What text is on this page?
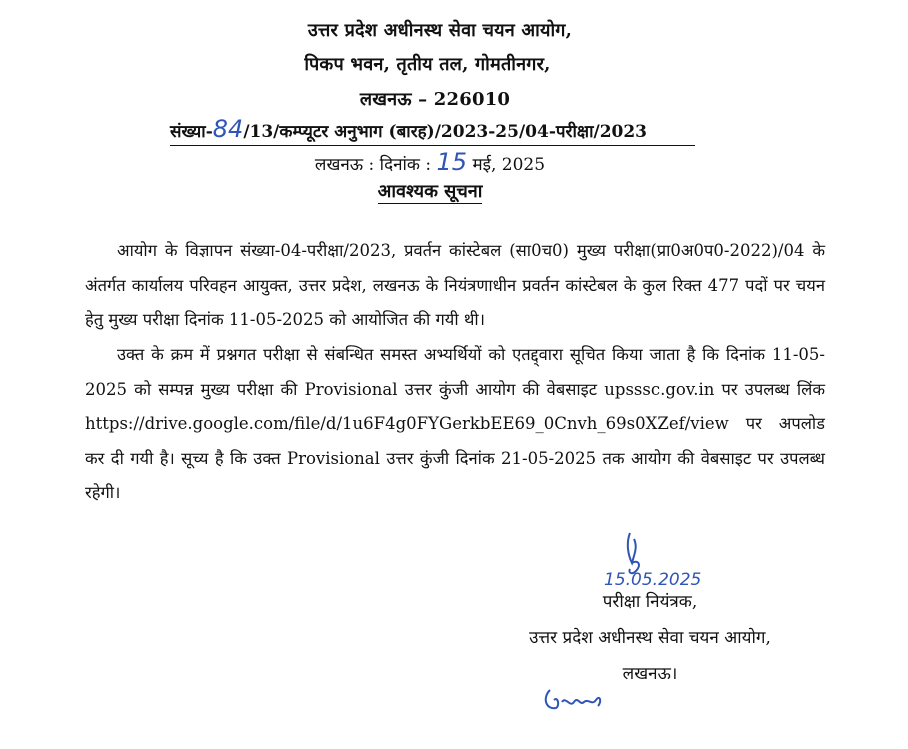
उत्तर प्रदेश अधीनस्थ सेवा चयन आयोग,
पिकप भवन, तृतीय तल, गोमतीनगर,
लखनऊ – 226010
संख्या-84/13/कम्प्यूटर अनुभाग (बारह)/2023-25/04-परीक्षा/2023
लखनऊ : दिनांक : 15 मई, 2025
आवश्यक सूचना
आयोग के विज्ञापन संख्या-04-परीक्षा/2023, प्रवर्तन कांस्टेबल (सा0च0) मुख्य परीक्षा(प्रा0अ0प0-2022)/04 के अंतर्गत कार्यालय परिवहन आयुक्त, उत्तर प्रदेश, लखनऊ के नियंत्रणाधीन प्रवर्तन कांस्टेबल के कुल रिक्त 477 पदों पर चयन हेतु मुख्य परीक्षा दिनांक 11-05-2025 को आयोजित की गयी थी।
उक्त के क्रम में प्रश्नगत परीक्षा से संबन्धित समस्त अभ्यर्थियों को एतद्द्वारा सूचित किया जाता है कि दिनांक 11-05-2025 को सम्पन्न मुख्य परीक्षा की Provisional उत्तर कुंजी आयोग की वेबसाइट upsssc.gov.in पर उपलब्ध लिंक https://drive.google.com/file/d/1u6F4g0FYGerkbEE69_0Cnvh_69s0XZef/view पर अपलोड कर दी गयी है। सूच्य है कि उक्त Provisional उत्तर कुंजी दिनांक 21-05-2025 तक आयोग की वेबसाइट पर उपलब्ध रहेगी।
15.05.2025
परीक्षा नियंत्रक,
उत्तर प्रदेश अधीनस्थ सेवा चयन आयोग,
लखनऊ।
